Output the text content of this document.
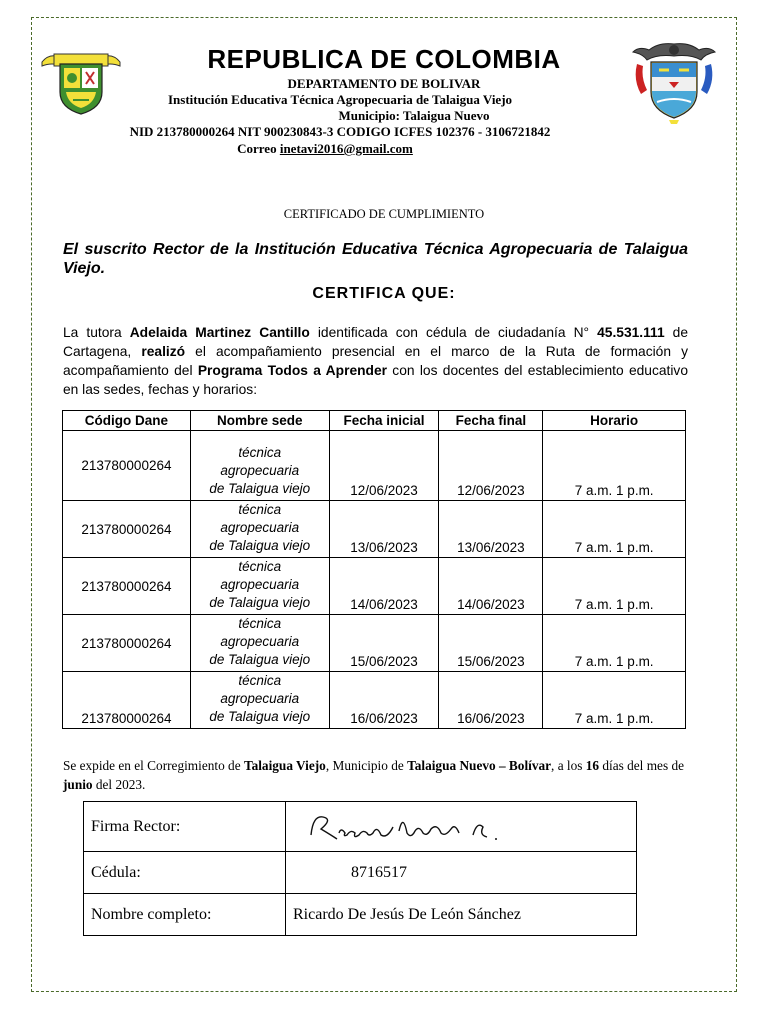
REPUBLICA DE COLOMBIA
DEPARTAMENTO DE BOLIVAR
Institución Educativa Técnica Agropecuaria de Talaigua Viejo
Municipio: Talaigua Nuevo
NID 213780000264 NIT 900230843-3 CODIGO ICFES 102376 - 3106721842
Correo inetavi2016@gmail.com
CERTIFICADO DE CUMPLIMIENTO
El suscrito Rector de la Institución Educativa Técnica Agropecuaria de Talaigua Viejo.
CERTIFICA QUE:
La tutora Adelaida Martinez Cantillo identificada con cédula de ciudadanía N° 45.531.111 de Cartagena, realizó el acompañamiento presencial en el marco de la Ruta de formación y acompañamiento del Programa Todos a Aprender con los docentes del establecimiento educativo en las sedes, fechas y horarios:
Código Dane	Nombre sede	Fecha inicial	Fecha final	Horario
213780000264	técnica
agropecuaria
de Talaigua viejo	12/06/2023	12/06/2023	7 a.m. 1 p.m.
213780000264	técnica
agropecuaria
de Talaigua viejo	13/06/2023	13/06/2023	7 a.m. 1 p.m.
213780000264	técnica
agropecuaria
de Talaigua viejo	14/06/2023	14/06/2023	7 a.m. 1 p.m.
213780000264	técnica
agropecuaria
de Talaigua viejo	15/06/2023	15/06/2023	7 a.m. 1 p.m.
213780000264	técnica
agropecuaria
de Talaigua viejo	16/06/2023	16/06/2023	7 a.m. 1 p.m.
Se expide en el Corregimiento de Talaigua Viejo, Municipio de Talaigua Nuevo – Bolívar, a los 16 días del mes de junio del 2023.
Firma Rector:	

Cédula:	8716517
Nombre completo:	Ricardo De Jesús De León Sánchez
